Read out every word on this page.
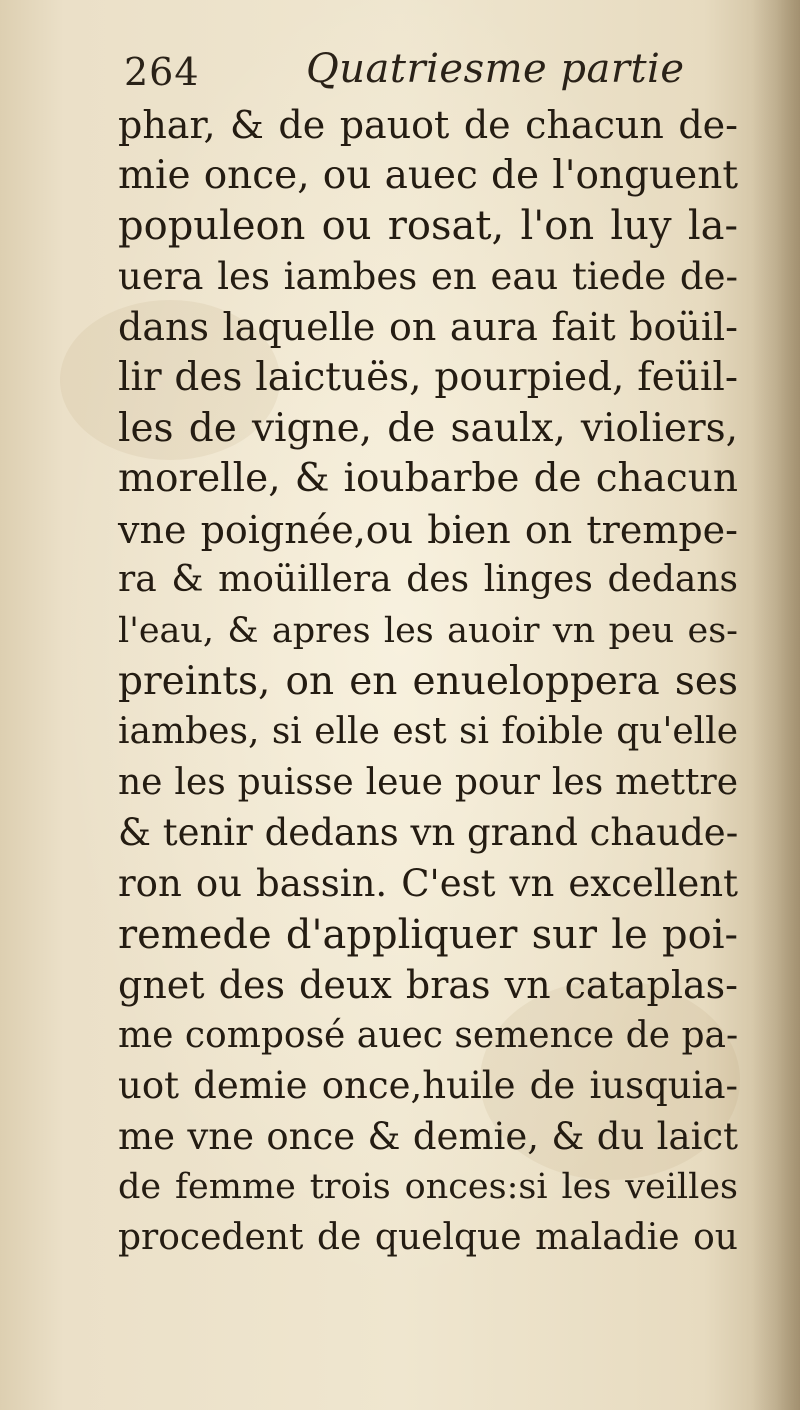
264	Quatriesme partie
phar, & de pauot de chacun de-
mie once, ou auec de l'onguent
populeon ou rosat, l'on luy la-
uera les iambes en eau tiede de-
dans laquelle on aura fait boüil-
lir des laictuës, pourpied, feüil-
les de vigne, de saulx, violiers,
morelle, & ioubarbe de chacun
vne poignée,ou bien on trempe-
ra & moüillera des linges dedans
l'eau, & apres les auoir vn peu es-
preints, on en enueloppera ses
iambes, si elle est si foible qu'elle
ne les puisse leue pour les mettre
& tenir dedans vn grand chaude-
ron ou bassin. C'est vn excellent
remede d'appliquer sur le poi-
gnet des deux bras vn cataplas-
me composé auec semence de pa-
uot demie once,huile de iusquia-
me vne once & demie, & du laict
de femme trois onces:si les veilles
procedent de quelque maladie ou
